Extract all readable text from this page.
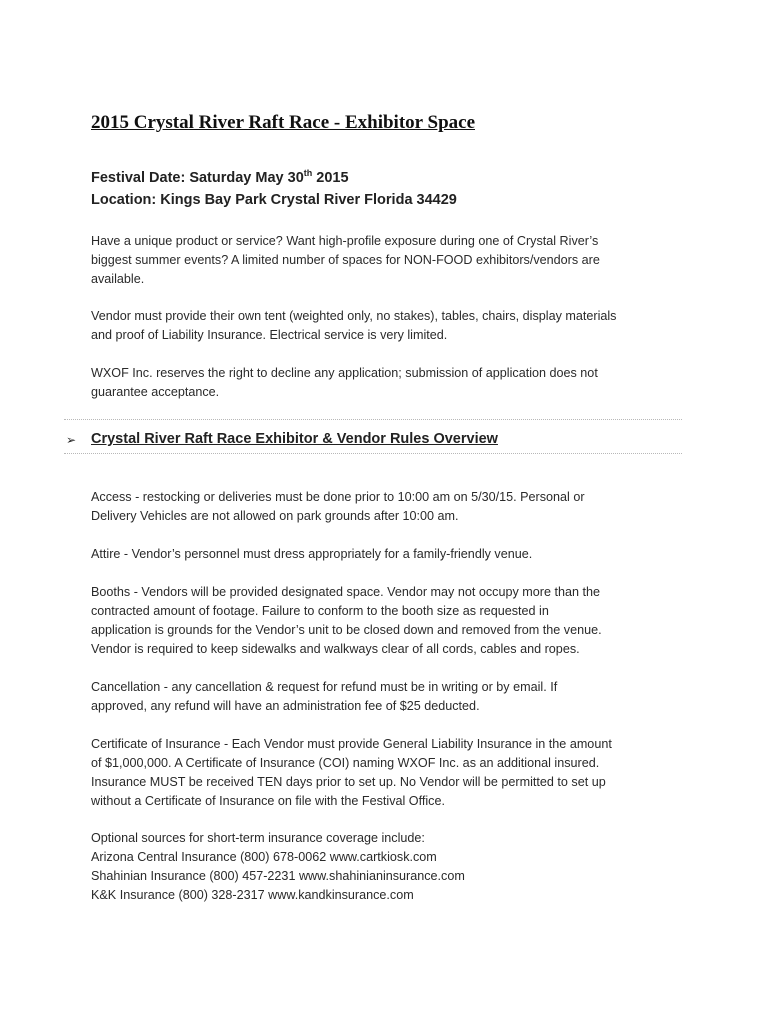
2015 Crystal River Raft Race - Exhibitor Space

Festival Date: Saturday May 30th 2015

Location: Kings Bay Park Crystal River Florida 34429

Have a unique product or service? Want high-profile exposure during one of Crystal River’s
biggest summer events? A limited number of spaces for NON-FOOD exhibitors/vendors are
available.

Vendor must provide their own tent (weighted only, no stakes), tables, chairs, display materials
and proof of Liability Insurance. Electrical service is very limited.

WXOF Inc. reserves the right to decline any application; submission of application does not
guarantee acceptance.

➢ Crystal River Raft Race Exhibitor & Vendor Rules Overview

Access - restocking or deliveries must be done prior to 10:00 am on 5/30/15. Personal or
Delivery Vehicles are not allowed on park grounds after 10:00 am.

Attire - Vendor’s personnel must dress appropriately for a family-friendly venue.

Booths - Vendors will be provided designated space. Vendor may not occupy more than the
contracted amount of footage. Failure to conform to the booth size as requested in
application is grounds for the Vendor’s unit to be closed down and removed from the venue.
Vendor is required to keep sidewalks and walkways clear of all cords, cables and ropes.

Cancellation - any cancellation & request for refund must be in writing or by email. If
approved, any refund will have an administration fee of $25 deducted.

Certificate of Insurance - Each Vendor must provide General Liability Insurance in the amount
of $1,000,000. A Certificate of Insurance (COI) naming WXOF Inc. as an additional insured.
Insurance MUST be received TEN days prior to set up. No Vendor will be permitted to set up
without a Certificate of Insurance on file with the Festival Office.

Optional sources for short-term insurance coverage include:
Arizona Central Insurance (800) 678-0062 www.cartkiosk.com
Shahinian Insurance (800) 457-2231 www.shahinianinsurance.com
K&K Insurance (800) 328-2317 www.kandkinsurance.com
